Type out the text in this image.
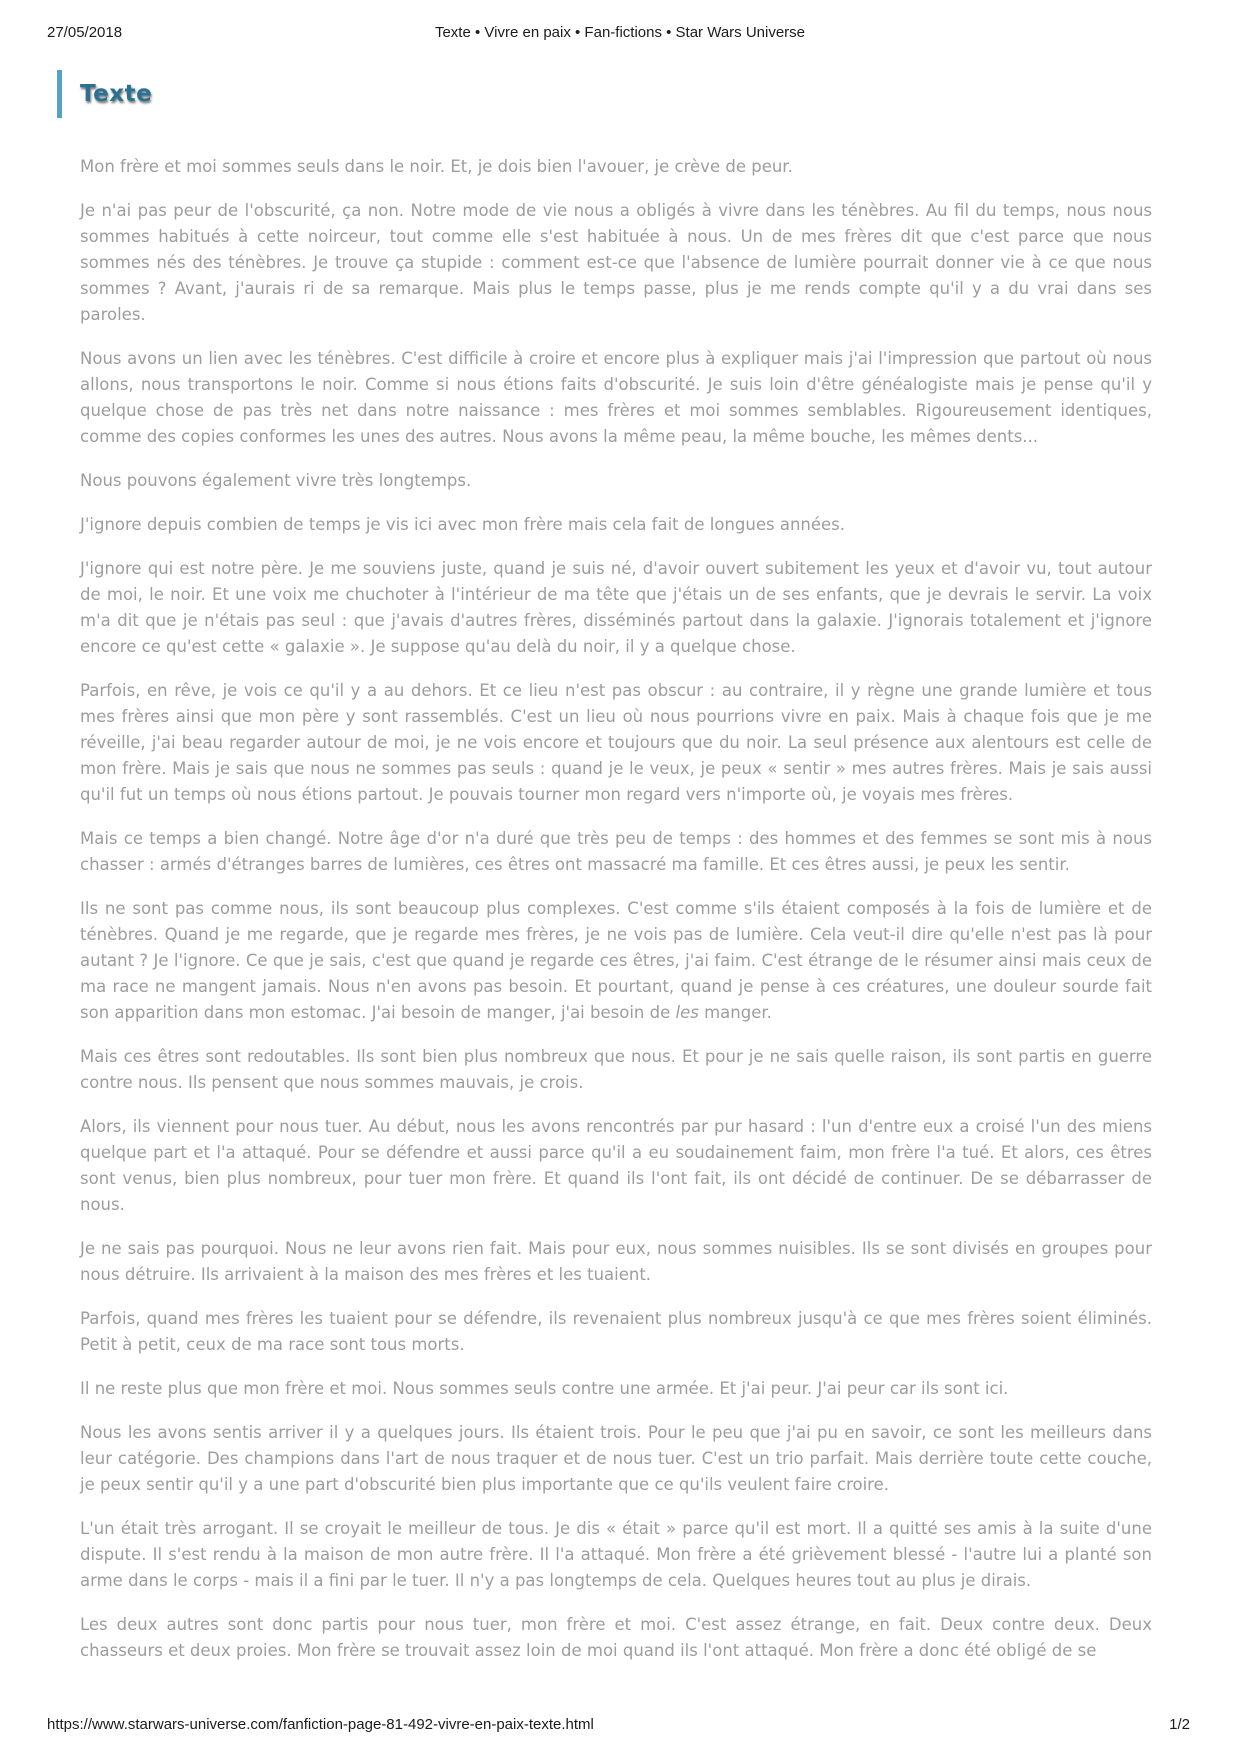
27/05/2018	Texte • Vivre en paix • Fan-fictions • Star Wars Universe
Texte

Mon frère et moi sommes seuls dans le noir. Et, je dois bien l'avouer, je crève de peur.

Je n'ai pas peur de l'obscurité, ça non. Notre mode de vie nous a obligés à vivre dans les ténèbres. Au fil du temps, nous nous sommes habitués à cette noirceur, tout comme elle s'est habituée à nous. Un de mes frères dit que c'est parce que nous sommes nés des ténèbres. Je trouve ça stupide : comment est-ce que l'absence de lumière pourrait donner vie à ce que nous sommes ? Avant, j'aurais ri de sa remarque. Mais plus le temps passe, plus je me rends compte qu'il y a du vrai dans ses paroles.

Nous avons un lien avec les ténèbres. C'est difficile à croire et encore plus à expliquer mais j'ai l'impression que partout où nous allons, nous transportons le noir. Comme si nous étions faits d'obscurité. Je suis loin d'être généalogiste mais je pense qu'il y quelque chose de pas très net dans notre naissance : mes frères et moi sommes semblables. Rigoureusement identiques, comme des copies conformes les unes des autres. Nous avons la même peau, la même bouche, les mêmes dents...

Nous pouvons également vivre très longtemps.

J'ignore depuis combien de temps je vis ici avec mon frère mais cela fait de longues années.

J'ignore qui est notre père. Je me souviens juste, quand je suis né, d'avoir ouvert subitement les yeux et d'avoir vu, tout autour de moi, le noir. Et une voix me chuchoter à l'intérieur de ma tête que j'étais un de ses enfants, que je devrais le servir. La voix m'a dit que je n'étais pas seul : que j'avais d'autres frères, disséminés partout dans la galaxie. J'ignorais totalement et j'ignore encore ce qu'est cette « galaxie ». Je suppose qu'au delà du noir, il y a quelque chose.

Parfois, en rêve, je vois ce qu'il y a au dehors. Et ce lieu n'est pas obscur : au contraire, il y règne une grande lumière et tous mes frères ainsi que mon père y sont rassemblés. C'est un lieu où nous pourrions vivre en paix. Mais à chaque fois que je me réveille, j'ai beau regarder autour de moi, je ne vois encore et toujours que du noir. La seul présence aux alentours est celle de mon frère. Mais je sais que nous ne sommes pas seuls : quand je le veux, je peux « sentir » mes autres frères. Mais je sais aussi qu'il fut un temps où nous étions partout. Je pouvais tourner mon regard vers n'importe où, je voyais mes frères.

Mais ce temps a bien changé. Notre âge d'or n'a duré que très peu de temps : des hommes et des femmes se sont mis à nous chasser : armés d'étranges barres de lumières, ces êtres ont massacré ma famille. Et ces êtres aussi, je peux les sentir.

Ils ne sont pas comme nous, ils sont beaucoup plus complexes. C'est comme s'ils étaient composés à la fois de lumière et de ténèbres. Quand je me regarde, que je regarde mes frères, je ne vois pas de lumière. Cela veut-il dire qu'elle n'est pas là pour autant ? Je l'ignore. Ce que je sais, c'est que quand je regarde ces êtres, j'ai faim. C'est étrange de le résumer ainsi mais ceux de ma race ne mangent jamais. Nous n'en avons pas besoin. Et pourtant, quand je pense à ces créatures, une douleur sourde fait son apparition dans mon estomac. J'ai besoin de manger, j'ai besoin de les manger.

Mais ces êtres sont redoutables. Ils sont bien plus nombreux que nous. Et pour je ne sais quelle raison, ils sont partis en guerre contre nous. Ils pensent que nous sommes mauvais, je crois.

Alors, ils viennent pour nous tuer. Au début, nous les avons rencontrés par pur hasard : l'un d'entre eux a croisé l'un des miens quelque part et l'a attaqué. Pour se défendre et aussi parce qu'il a eu soudainement faim, mon frère l'a tué. Et alors, ces êtres sont venus, bien plus nombreux, pour tuer mon frère. Et quand ils l'ont fait, ils ont décidé de continuer. De se débarrasser de nous.

Je ne sais pas pourquoi. Nous ne leur avons rien fait. Mais pour eux, nous sommes nuisibles. Ils se sont divisés en groupes pour nous détruire. Ils arrivaient à la maison des mes frères et les tuaient.

Parfois, quand mes frères les tuaient pour se défendre, ils revenaient plus nombreux jusqu'à ce que mes frères soient éliminés. Petit à petit, ceux de ma race sont tous morts.

Il ne reste plus que mon frère et moi. Nous sommes seuls contre une armée. Et j'ai peur. J'ai peur car ils sont ici.

Nous les avons sentis arriver il y a quelques jours. Ils étaient trois. Pour le peu que j'ai pu en savoir, ce sont les meilleurs dans leur catégorie. Des champions dans l'art de nous traquer et de nous tuer. C'est un trio parfait. Mais derrière toute cette couche, je peux sentir qu'il y a une part d'obscurité bien plus importante que ce qu'ils veulent faire croire.

L'un était très arrogant. Il se croyait le meilleur de tous. Je dis « était » parce qu'il est mort. Il a quitté ses amis à la suite d'une dispute. Il s'est rendu à la maison de mon autre frère. Il l'a attaqué. Mon frère a été grièvement blessé - l'autre lui a planté son arme dans le corps - mais il a fini par le tuer. Il n'y a pas longtemps de cela. Quelques heures tout au plus je dirais.

Les deux autres sont donc partis pour nous tuer, mon frère et moi. C'est assez étrange, en fait. Deux contre deux. Deux chasseurs et deux proies. Mon frère se trouvait assez loin de moi quand ils l'ont attaqué. Mon frère a donc été obligé de se

https://www.starwars-universe.com/fanfiction-page-81-492-vivre-en-paix-texte.html	1/2
